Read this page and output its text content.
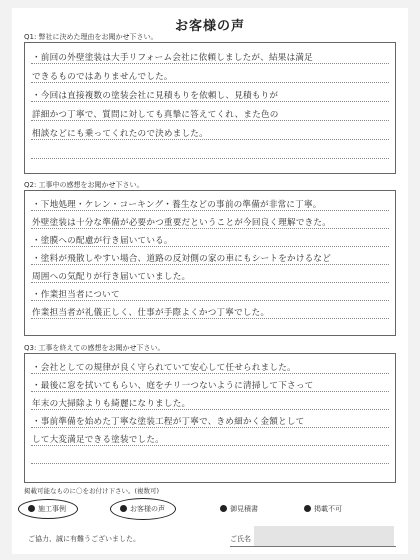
お客様の声
Q1: 弊社に決めた理由をお聞かせ下さい。
・前回の外壁塗装は大手リフォーム会社に依頼しましたが、結果は満足
できるものではありませんでした。
・今回は直接複数の塗装会社に見積もりを依頼し、見積もりが
詳細かつ丁寧で、質問に対しても真摯に答えてくれ、また色の
相談などにも乗ってくれたので決めました。
Q2: 工事中の感想をお聞かせ下さい。
・下地処理・ケレン・コーキング・養生などの事前の準備が非常に丁寧。
外壁塗装は十分な準備が必要かつ重要だということが今回良く理解できた。
・塗膜への配慮が行き届いている。
・塗料が飛散しやすい場合、道路の反対側の家の車にもシートをかけるなど
周囲への気配りが行き届いていました。
・作業担当者について
作業担当者が礼儀正しく、仕事が手際よくかつ丁寧でした。
Q3: 工事を終えての感想をお聞かせ下さい。
・会社としての規律が良く守られていて安心して任せられました。
・最後に窓を拭いてもらい、庭をチリ一つないように清掃して下さって
年末の大掃除よりも綺麗になりました。
・事前準備を始めた丁寧な塗装工程が丁寧で、きめ細かく金額として
して大変満足できる塗装でした。
掲載可能なものに〇をお付け下さい。(複数可)
施工事例	お客様の声	御見積書	掲載不可
ご協力、誠に有難うございました。	ご氏名
